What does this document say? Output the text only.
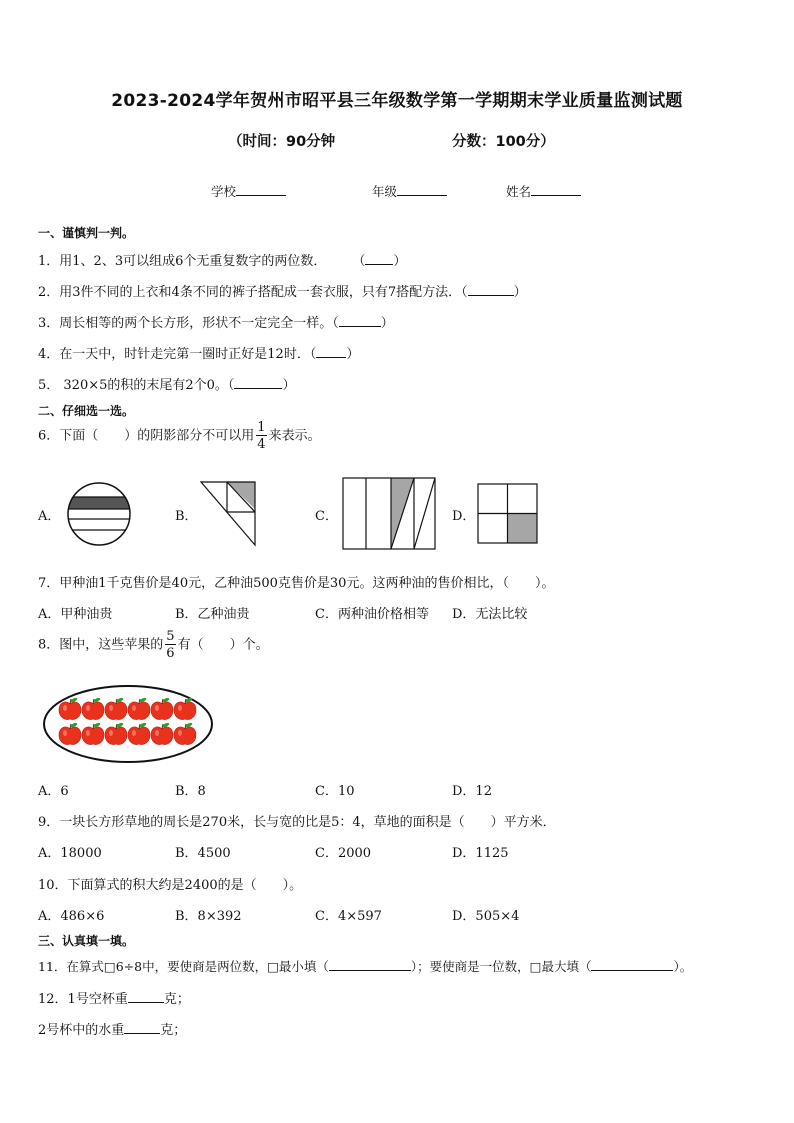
2023-2024学年贺州市昭平县三年级数学第一学期期末学业质量监测试题
（时间：90分钟	分数：100分）
学校	年级	姓名
一、谨慎判一判。
1．用1、2、3可以组成6个无重复数字的两位数． （ ）
2．用3件不同的上衣和4条不同的裤子搭配成一套衣服，只有7搭配方法．（	）
3．周长相等的两个长方形，形状不一定完全一样。（	）
4．在一天中，时针走完第一圈时正好是12时．（ ）
5． 320×5的积的末尾有2个0。（	）
二、仔细选一选。
6．下面（　　）的阴影部分不可以用 $\frac{1}{4}$ 来表示。
A．	B．	C．	D．
7．甲种油1千克售价是40元，乙种油500克售价是30元。这两种油的售价相比，（　　）。
A．甲种油贵	B．乙种油贵	C．两种油价格相等 D．无法比较
8．图中，这些苹果的 $\frac{5}{6}$ 有（　　）个。
A．6	B．8	C．10	D．12
9．一块长方形草地的周长是270米，长与宽的比是5：4，草地的面积是（　　）平方米．
A．18000	B．4500	C．2000	D．1125
10．下面算式的积大约是2400的是（　　）。
A．486×6	B．8×392	C．4×597	D．505×4
三、认真填一填。
11．在算式□6÷8中，要使商是两位数，□最小填（	）；要使商是一位数，□最大填（	）。
12．1号空杯重	克；
2号杯中的水重	克；
